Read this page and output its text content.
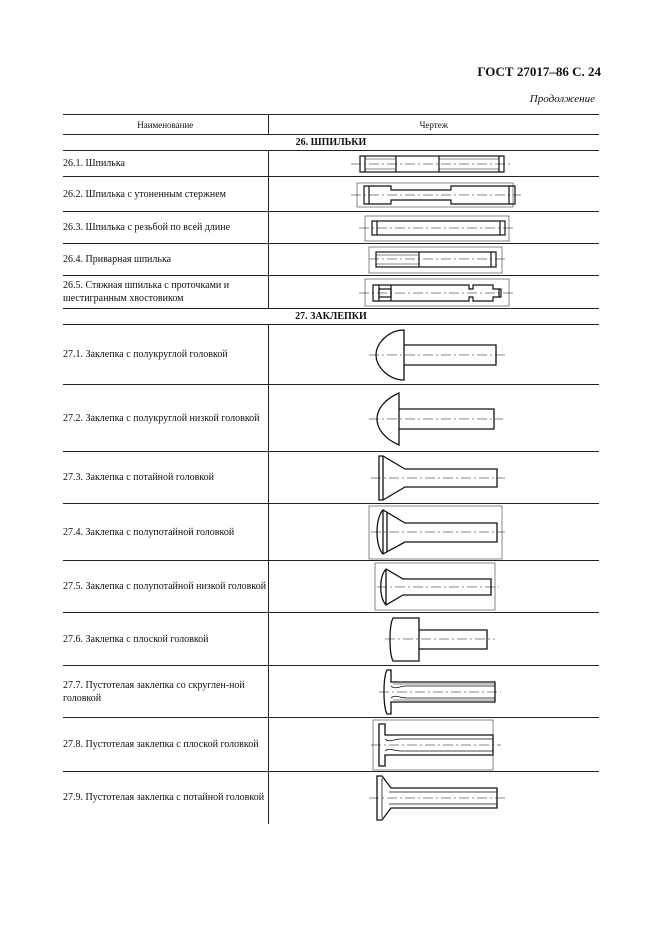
ГОСТ 27017–86 С. 24
Продолжение
Наименование	Чертеж
26. ШПИЛЬКИ	
26.1. Шпилька	

26.2. Шпилька с утоненным стержнем	

26.3. Шпилька с резьбой по всей длине	

26.4. Приварная шпилька	

26.5. Стяжная шпилька с проточками и шестигранным хвостовиком	

27. ЗАКЛЕПКИ	
27.1. Заклепка с полукруглой головкой	

27.2. Заклепка с полукруглой низкой головкой	

27.3. Заклепка с потайной головкой	

27.4. Заклепка с полупотайной головкой	

27.5. Заклепка с полупотайной низкой головкой	

27.6. Заклепка с плоской головкой	

27.7. Пустотелая заклепка со скруглен-ной головкой	

27.8. Пустотелая заклепка с плоской головкой	

27.9. Пустотелая заклепка с потайной головкой	
